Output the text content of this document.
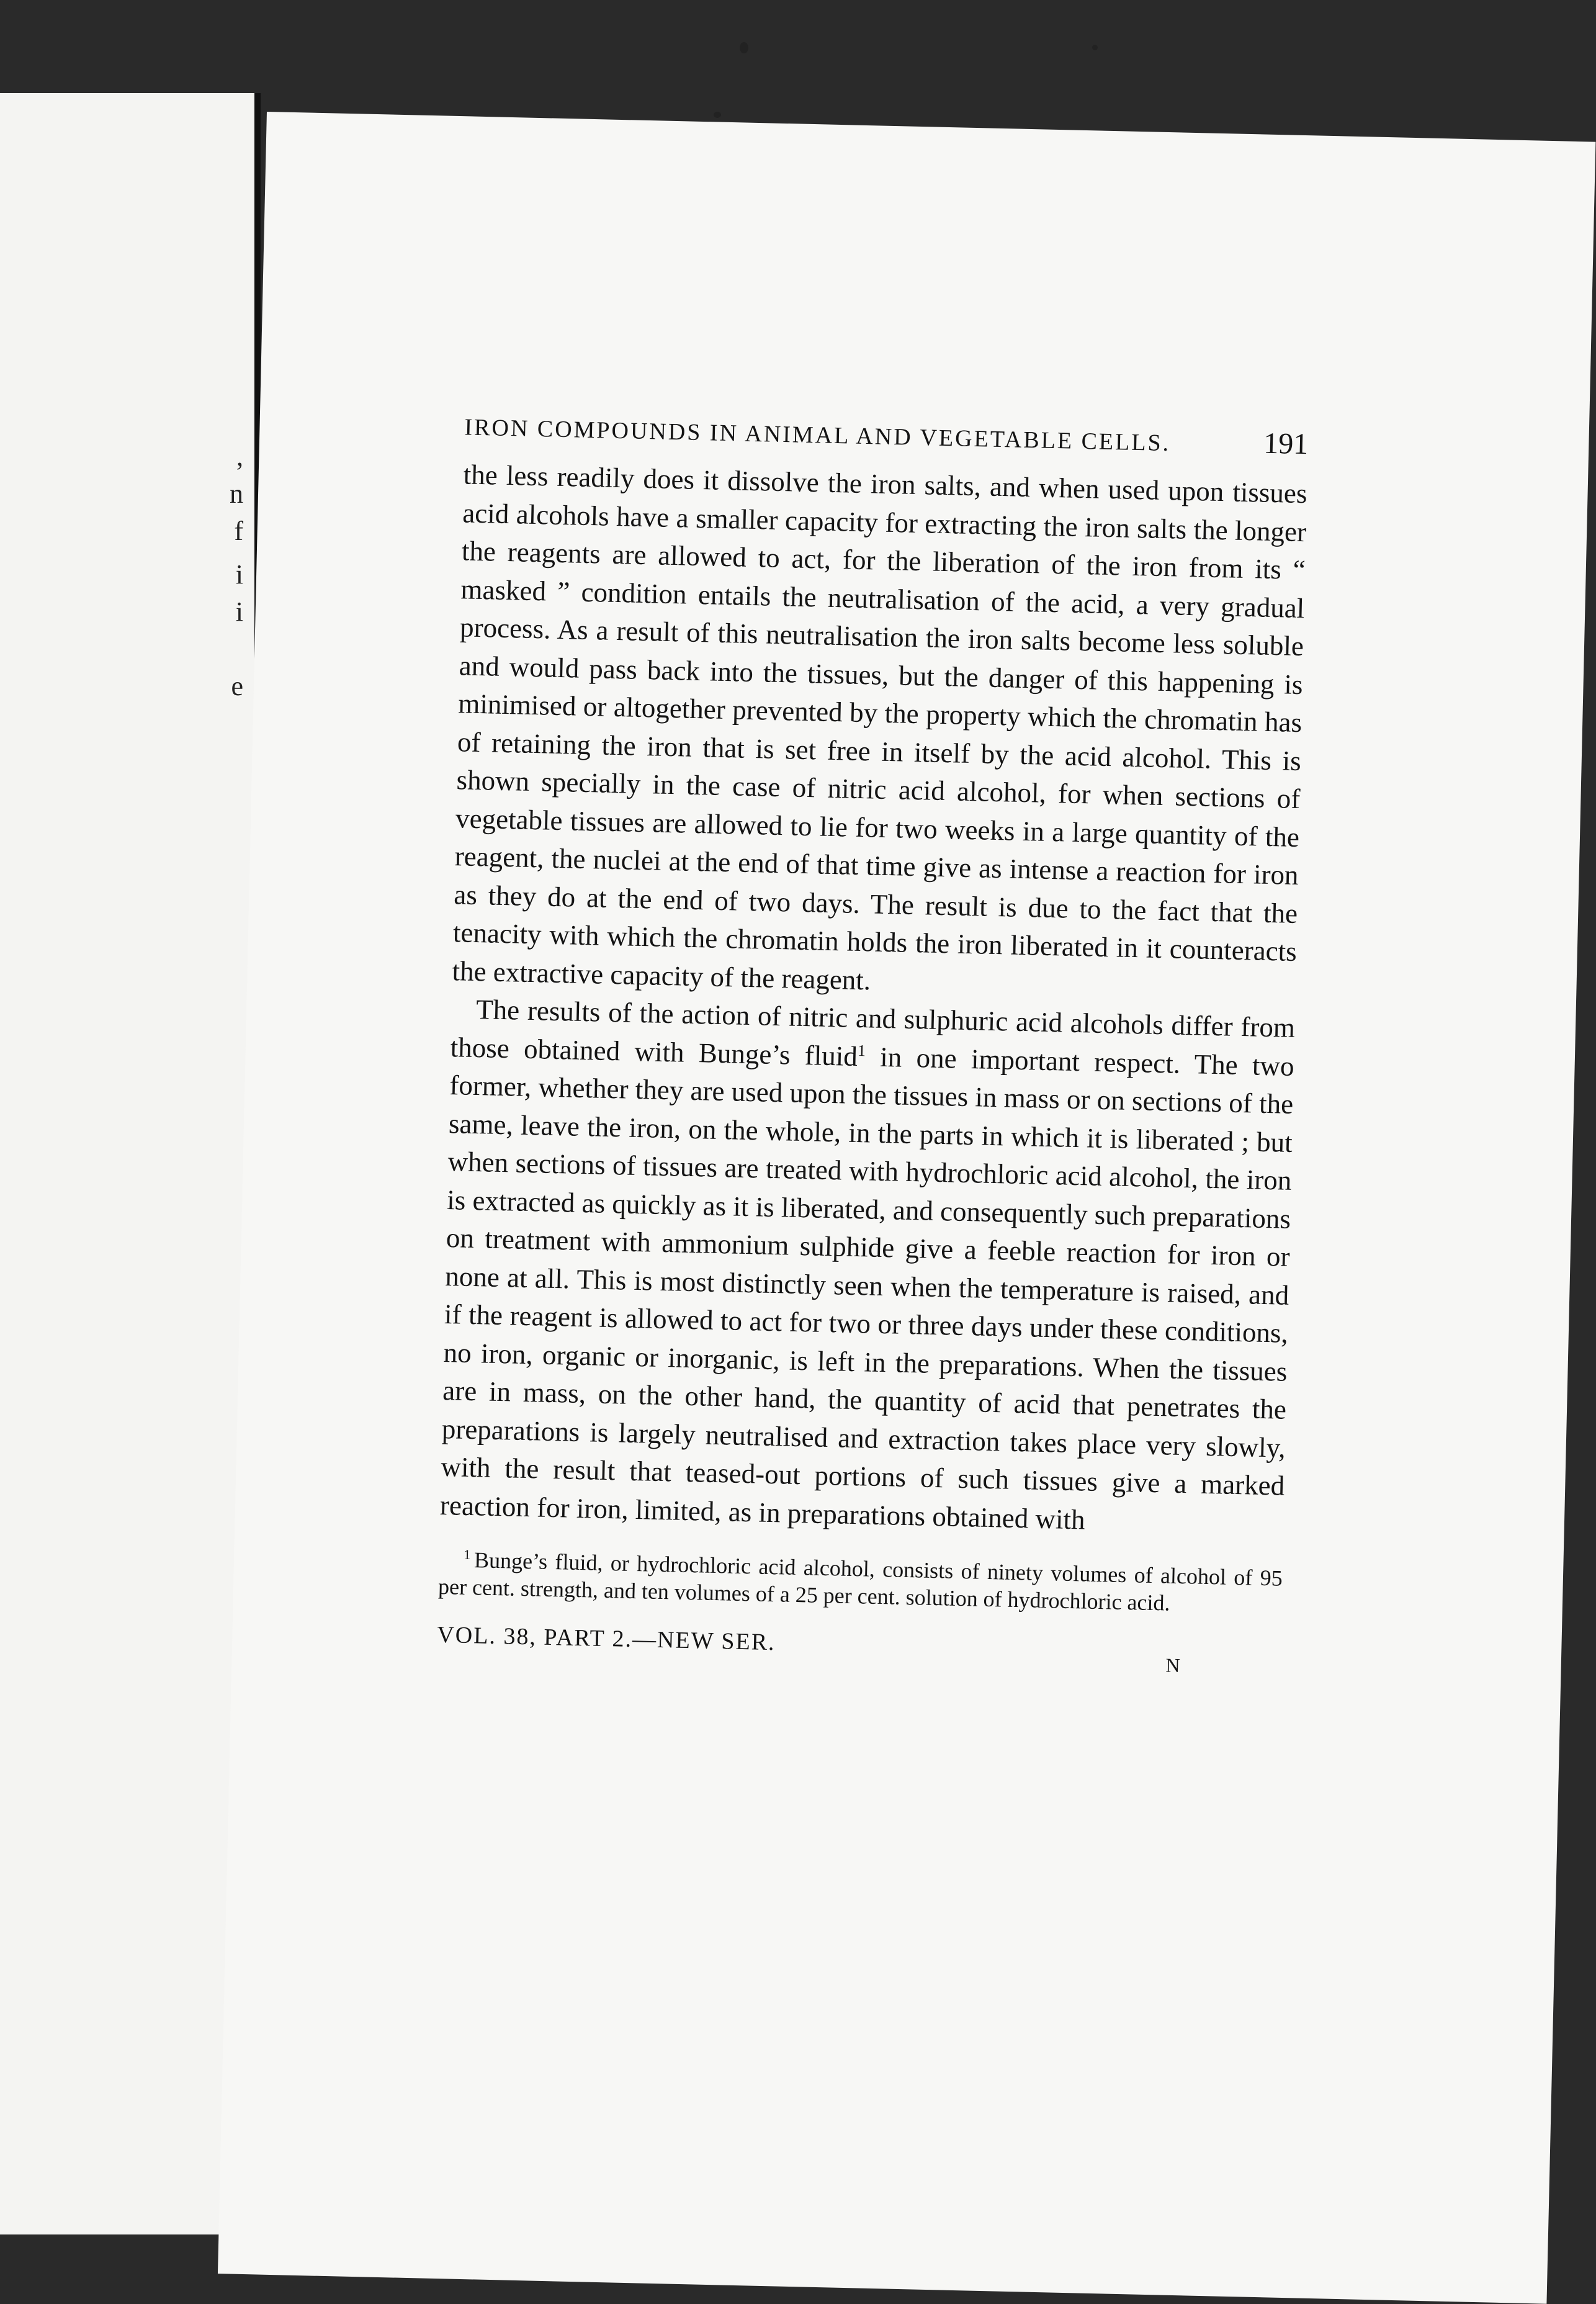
,
n
f
i
i
e
IRON COMPOUNDS IN ANIMAL AND VEGETABLE CELLS.	191

the less readily does it dissolve the iron salts, and when used upon tissues acid alcohols have a smaller capacity for extracting the iron salts the longer the reagents are allowed to act, for the liberation of the iron from its “ masked ” condition entails the neutralisation of the acid, a very gradual process. As a result of this neutralisation the iron salts become less soluble and would pass back into the tissues, but the danger of this happening is minimised or altogether prevented by the property which the chromatin has of retaining the iron that is set free in itself by the acid alcohol. This is shown specially in the case of nitric acid alcohol, for when sections of vegetable tissues are allowed to lie for two weeks in a large quantity of the reagent, the nuclei at the end of that time give as intense a reaction for iron as they do at the end of two days. The result is due to the fact that the tenacity with which the chromatin holds the iron liberated in it counteracts the extractive capacity of the reagent.

The results of the action of nitric and sulphuric acid alcohols differ from those obtained with Bunge’s fluid$^1$ in one important respect. The two former, whether they are used upon the tissues in mass or on sections of the same, leave the iron, on the whole, in the parts in which it is liberated ; but when sections of tissues are treated with hydrochloric acid alcohol, the iron is extracted as quickly as it is liberated, and consequently such preparations on treatment with ammonium sulphide give a feeble reaction for iron or none at all. This is most distinctly seen when the temperature is raised, and if the reagent is allowed to act for two or three days under these conditions, no iron, organic or inorganic, is left in the preparations. When the tissues are in mass, on the other hand, the quantity of acid that penetrates the preparations is largely neutralised and extraction takes place very slowly, with the result that teased-out portions of such tissues give a marked reaction for iron, limited, as in preparations obtained with

$^1$ Bunge’s fluid, or hydrochloric acid alcohol, consists of ninety volumes of alcohol of 95 per cent. strength, and ten volumes of a 25 per cent. solution of hydrochloric acid.
VOL. 38, PART 2.—NEW SER.
N
